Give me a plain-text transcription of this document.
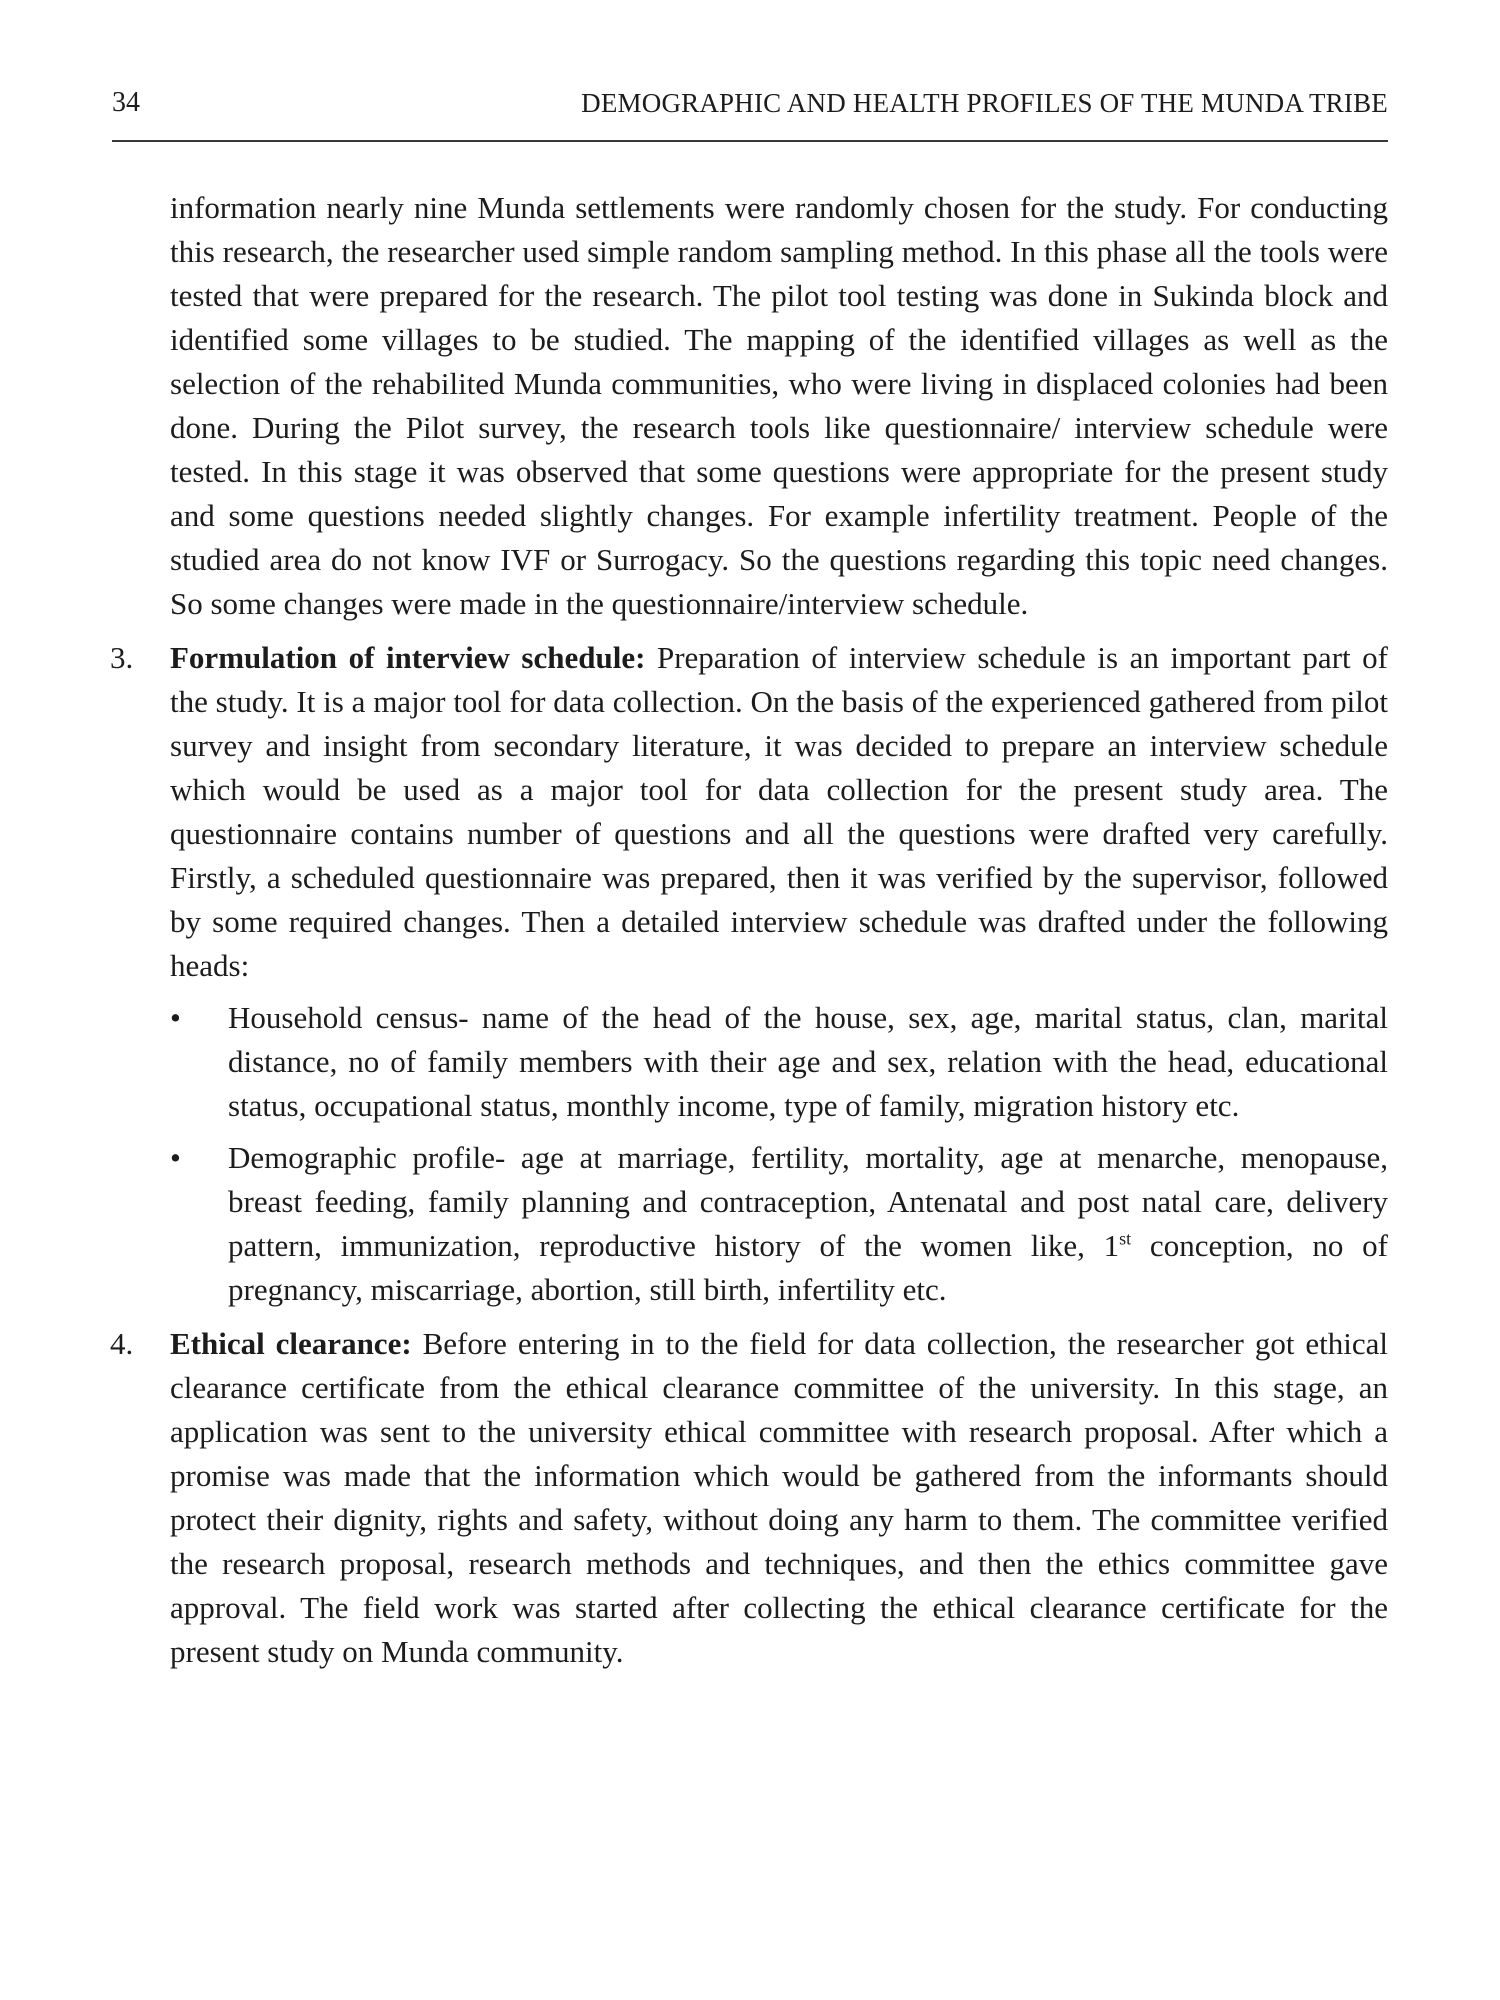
34	DEMOGRAPHIC AND HEALTH PROFILES OF THE MUNDA TRIBE

information nearly nine Munda settlements were randomly chosen for the study. For conducting this research, the researcher used simple random sampling method. In this phase all the tools were tested that were prepared for the research. The pilot tool testing was done in Sukinda block and identified some villages to be studied. The mapping of the identified villages as well as the selection of the rehabilited Munda communities, who were living in displaced colonies had been done. During the Pilot survey, the research tools like questionnaire/ interview schedule were tested. In this stage it was observed that some questions were appropriate for the present study and some questions needed slightly changes. For example infertility treatment. People of the studied area do not know IVF or Surrogacy. So the questions regarding this topic need changes. So some changes were made in the questionnaire/interview schedule.

3. Formulation of interview schedule: Preparation of interview schedule is an important part of the study. It is a major tool for data collection. On the basis of the experienced gathered from pilot survey and insight from secondary literature, it was decided to prepare an interview schedule which would be used as a major tool for data collection for the present study area. The questionnaire contains number of questions and all the questions were drafted very carefully. Firstly, a scheduled questionnaire was prepared, then it was verified by the supervisor, followed by some required changes. Then a detailed interview schedule was drafted under the following heads:

• Household census- name of the head of the house, sex, age, marital status, clan, marital distance, no of family members with their age and sex, relation with the head, educational status, occupational status, monthly income, type of family, migration history etc.
• Demographic profile- age at marriage, fertility, mortality, age at menarche, menopause, breast feeding, family planning and contraception, Antenatal and post natal care, delivery pattern, immunization, reproductive history of the women like, 1st conception, no of pregnancy, miscarriage, abortion, still birth, infertility etc.
4. Ethical clearance: Before entering in to the field for data collection, the researcher got ethical clearance certificate from the ethical clearance committee of the university. In this stage, an application was sent to the university ethical committee with research proposal. After which a promise was made that the information which would be gathered from the informants should protect their dignity, rights and safety, without doing any harm to them. The committee verified the research proposal, research methods and techniques, and then the ethics committee gave approval. The field work was started after collecting the ethical clearance certificate for the present study on Munda community.
